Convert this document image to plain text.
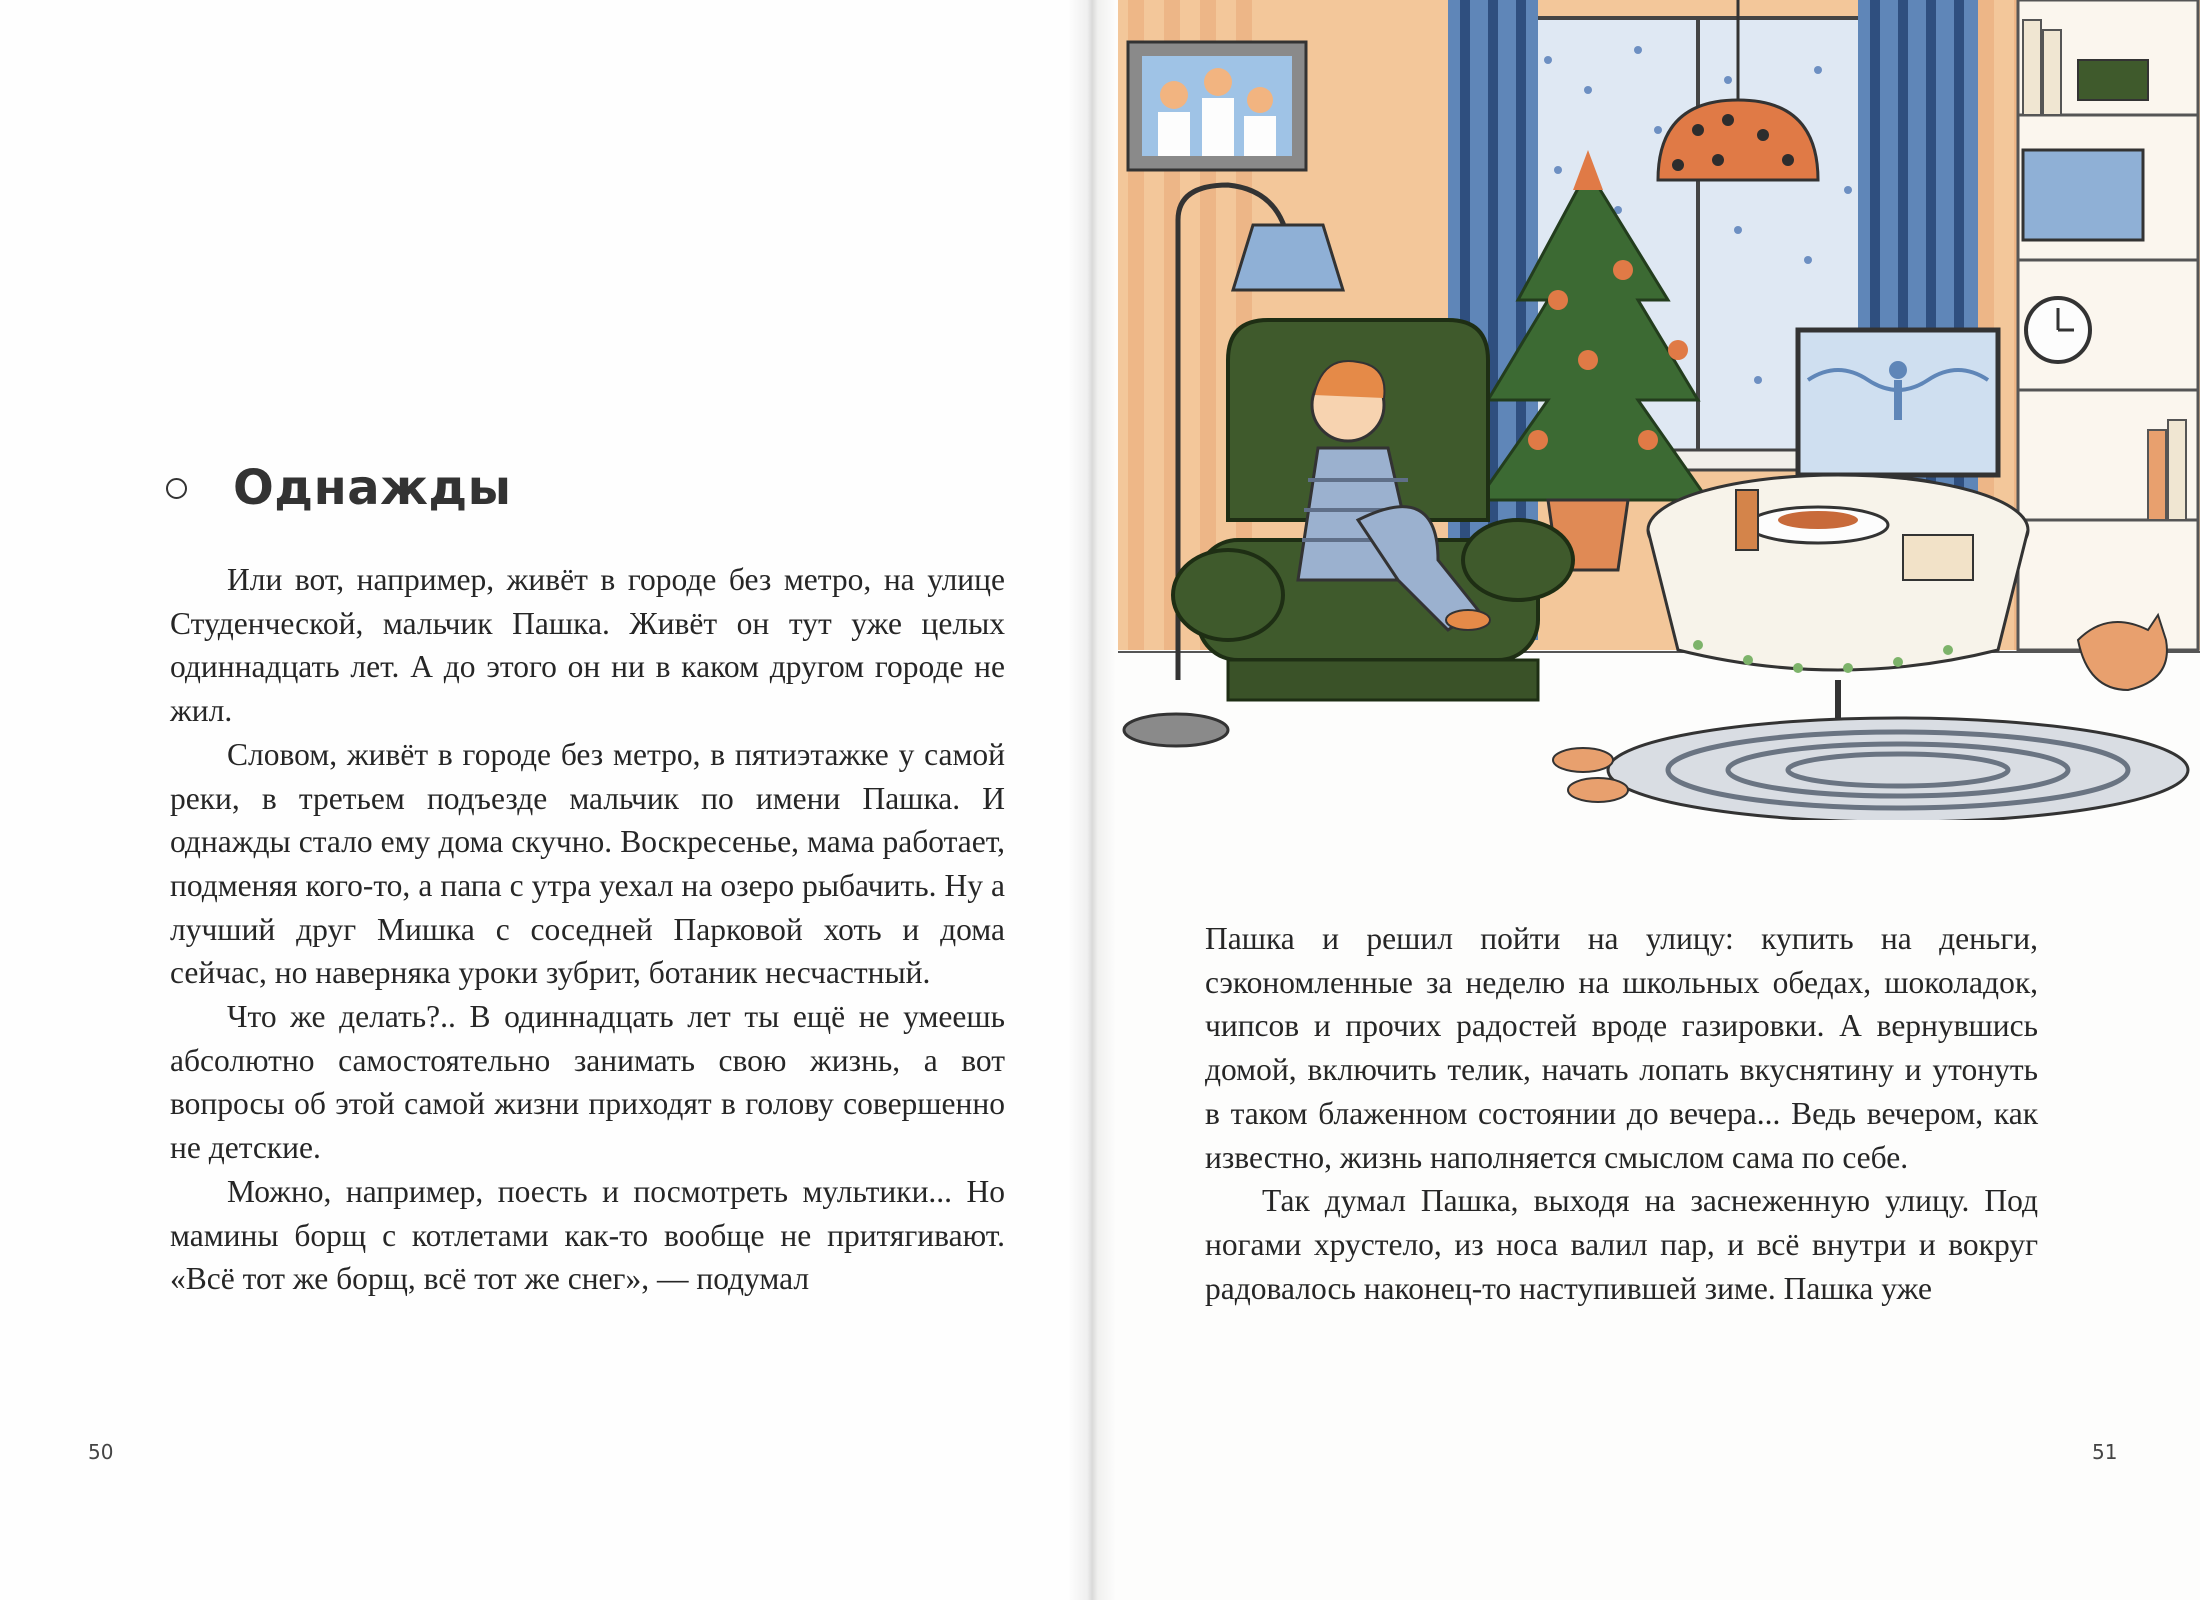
Однажды

Или вот, например, живёт в городе без метро, на улице Студенческой, мальчик Пашка. Живёт он тут уже целых одиннадцать лет. А до этого он ни в каком другом городе не жил.

Словом, живёт в городе без метро, в пятиэтажке у самой реки, в третьем подъезде мальчик по имени Пашка. И однажды стало ему дома скучно. Воскресенье, мама работает, подменяя кого-то, а папа с утра уехал на озеро рыбачить. Ну а лучший друг Мишка с соседней Парковой хоть и дома сейчас, но наверняка уроки зубрит, ботаник несчастный.

Что же делать?.. В одиннадцать лет ты ещё не умеешь абсолютно самостоятельно занимать свою жизнь, а вот вопросы об этой самой жизни приходят в голову совершенно не детские.

Можно, например, поесть и посмотреть мультики... Но мамины борщ с котлетами как-то вообще не притягивают. «Всё тот же борщ, всё тот же снег», — подумал

50

Пашка и решил пойти на улицу: купить на деньги, сэкономленные за неделю на школьных обедах, шоколадок, чипсов и прочих радостей вроде газировки. А вернувшись домой, включить телик, начать лопать вкуснятину и утонуть в таком блаженном состоянии до вечера... Ведь вечером, как известно, жизнь наполняется смыслом сама по себе.

Так думал Пашка, выходя на заснеженную улицу. Под ногами хрустело, из носа валил пар, и всё внутри и вокруг радовалось наконец-то наступившей зиме. Пашка уже

51
